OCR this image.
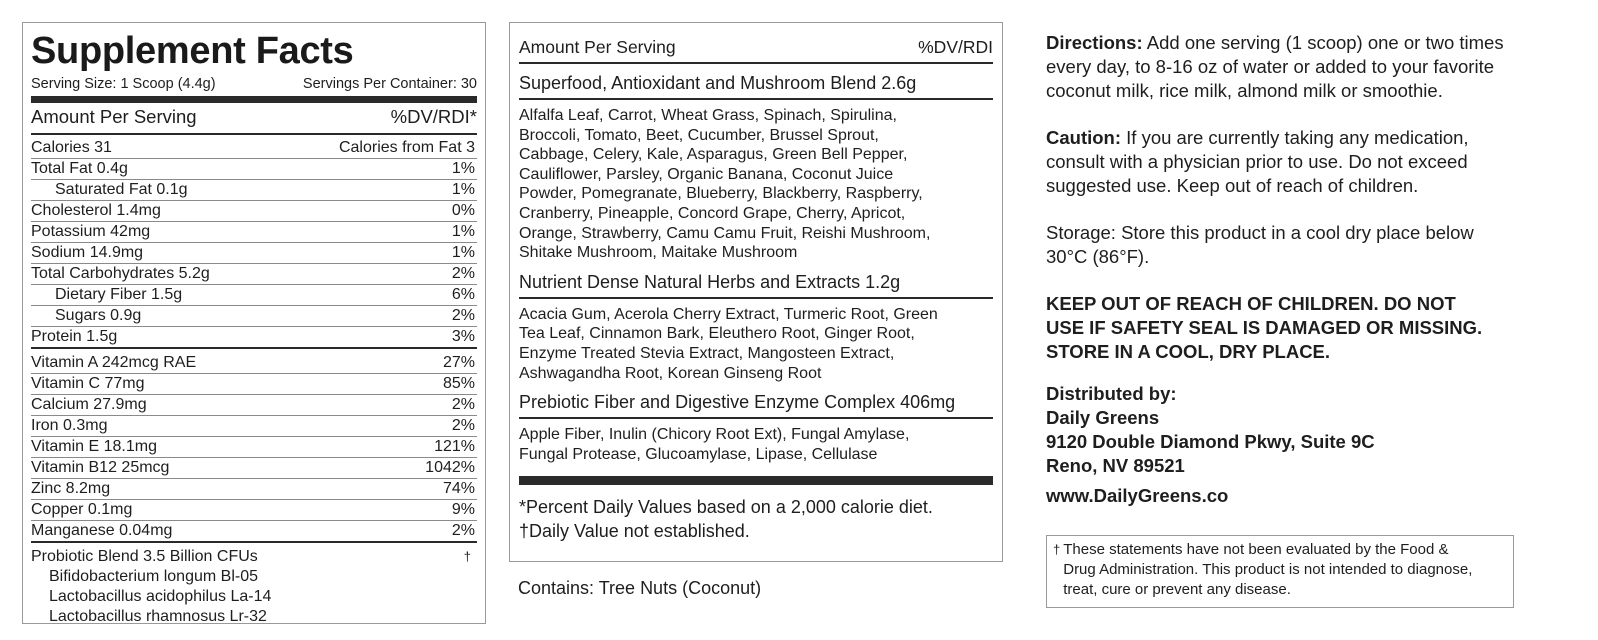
Supplement Facts
Serving Size: 1 Scoop (4.4g)	Servings Per Container: 30
Amount Per Serving	%DV/RDI*
Calories 31	Calories from Fat 3
Total Fat 0.4g	1%
Saturated Fat 0.1g	1%
Cholesterol 1.4mg	0%
Potassium 42mg	1%
Sodium 14.9mg	1%
Total Carbohydrates 5.2g	2%
Dietary Fiber 1.5g	6%
Sugars 0.9g	2%
Protein 1.5g	3%
Vitamin A 242mcg RAE	27%
Vitamin C 77mg	85%
Calcium 27.9mg	2%
Iron 0.3mg	2%
Vitamin E 18.1mg	121%
Vitamin B12 25mcg	1042%
Zinc 8.2mg	74%
Copper 0.1mg	9%
Manganese 0.04mg	2%
Probiotic Blend 3.5 Billion CFUs	†
Bifidobacterium longum Bl-05
Lactobacillus acidophilus La-14
Lactobacillus rhamnosus Lr-32
Amount Per Serving	%DV/RDI
Superfood, Antioxidant and Mushroom Blend 2.6g
Alfalfa Leaf, Carrot, Wheat Grass, Spinach, Spirulina,
Broccoli, Tomato, Beet, Cucumber, Brussel Sprout,
Cabbage, Celery, Kale, Asparagus, Green Bell Pepper,
Cauliflower, Parsley, Organic Banana, Coconut Juice
Powder, Pomegranate, Blueberry, Blackberry, Raspberry,
Cranberry, Pineapple, Concord Grape, Cherry, Apricot,
Orange, Strawberry, Camu Camu Fruit, Reishi Mushroom,
Shitake Mushroom, Maitake Mushroom
Nutrient Dense Natural Herbs and Extracts 1.2g
Acacia Gum, Acerola Cherry Extract, Turmeric Root, Green
Tea Leaf, Cinnamon Bark, Eleuthero Root, Ginger Root,
Enzyme Treated Stevia Extract, Mangosteen Extract,
Ashwagandha Root, Korean Ginseng Root
Prebiotic Fiber and Digestive Enzyme Complex 406mg
Apple Fiber, Inulin (Chicory Root Ext), Fungal Amylase,
Fungal Protease, Glucoamylase, Lipase, Cellulase
*Percent Daily Values based on a 2,000 calorie diet.
†Daily Value not established.
Contains: Tree Nuts (Coconut)
Directions: Add one serving (1 scoop) one or two times
every day, to 8-16 oz of water or added to your favorite
coconut milk, rice milk, almond milk or smoothie.
Caution: If you are currently taking any medication,
consult with a physician prior to use. Do not exceed
suggested use. Keep out of reach of children.
Storage: Store this product in a cool dry place below
30°C (86°F).
KEEP OUT OF REACH OF CHILDREN. DO NOT
USE IF SAFETY SEAL IS DAMAGED OR MISSING.
STORE IN A COOL, DRY PLACE.
Distributed by:
Daily Greens
9120 Double Diamond Pkwy, Suite 9C
Reno, NV 89521
www.DailyGreens.co
† These statements have not been evaluated by the Food &
Drug Administration. This product is not intended to diagnose,
treat, cure or prevent any disease.
